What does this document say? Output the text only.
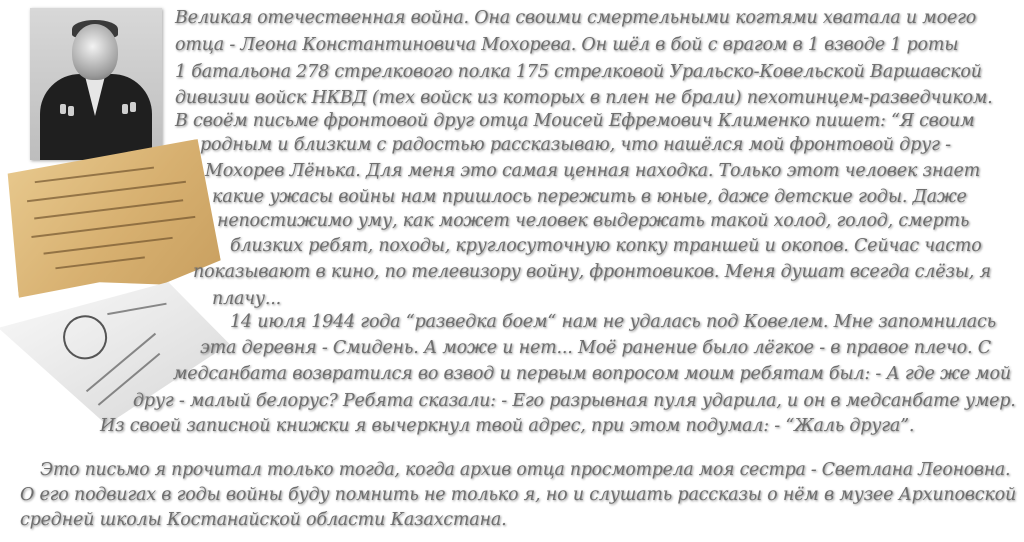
Великая отечественная война. Она своими смертельными когтями хватала и моего
отца - Леона Константиновича Мохорева. Он шёл в бой с врагом в 1 взводе 1 роты
1 батальона 278 стрелкового полка 175 стрелковой Уральско-Ковельской Варшавской
дивизии войск НКВД (тех войск из которых в плен не брали) пехотинцем-разведчиком.
В своём письме фронтовой друг отца Моисей Ефремович Клименко пишет: “Я своим
родным и близким с радостью рассказываю, что нашёлся мой фронтовой друг -
Мохорев Лёнька. Для меня это самая ценная находка. Только этот человек знает
какие ужасы войны нам пришлось пережить в юные, даже детские годы. Даже
непостижимо уму, как может человек выдержать такой холод, голод, смерть
близких ребят, походы, круглосуточную копку траншей и окопов. Сейчас часто
показывают в кино, по телевизору войну, фронтовиков. Меня душат всегда слёзы, я
плачу...
14 июля 1944 года “разведка боем“ нам не удалась под Ковелем. Мне запомнилась
эта деревня - Смидень. А може и нет... Моё ранение было лёгкое - в правое плечо. С
медсанбата возвратился во взвод и первым вопросом моим ребятам был: - А где же мой
друг - малый белорус? Ребята сказали: - Его разрывная пуля ударила, и он в медсанбате умер.
Из своей записной книжки я вычеркнул твой адрес, при этом подумал: - “Жаль друга”.
Это письмо я прочитал только тогда, когда архив отца просмотрела моя сестра - Светлана Леоновна.
О его подвигах в годы войны буду помнить не только я, но и слушать рассказы о нём в музее Архиповской
средней школы Костанайской области Казахстана.
